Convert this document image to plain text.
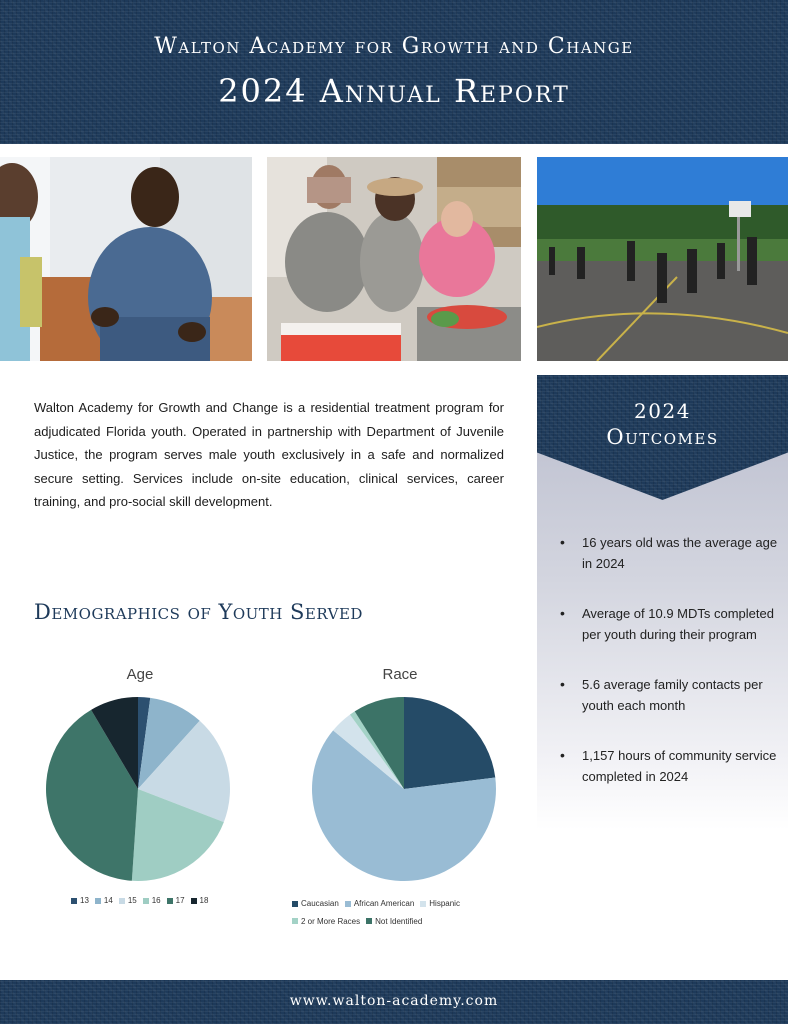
Walton Academy for Growth and Change
2024 Annual Report
Walton Academy for Growth and Change is a residential treatment program for adjudicated Florida youth. Operated in partnership with Department of Juvenile Justice, the program serves male youth exclusively in a safe and normalized secure setting. Services include on-site education, clinical services, career training, and pro-social skill development.
Demographics of Youth Served
Age
13 14 15 16 17 18
Race
Caucasian African American Hispanic

2 or More Races Not Identified
2024
Outcomes
• 16 years old was the average age in 2024
• Average of 10.9 MDTs completed per youth during their program
• 5.6 average family contacts per youth each month
• 1,157 hours of community service completed in 2024
www.walton-academy.com
